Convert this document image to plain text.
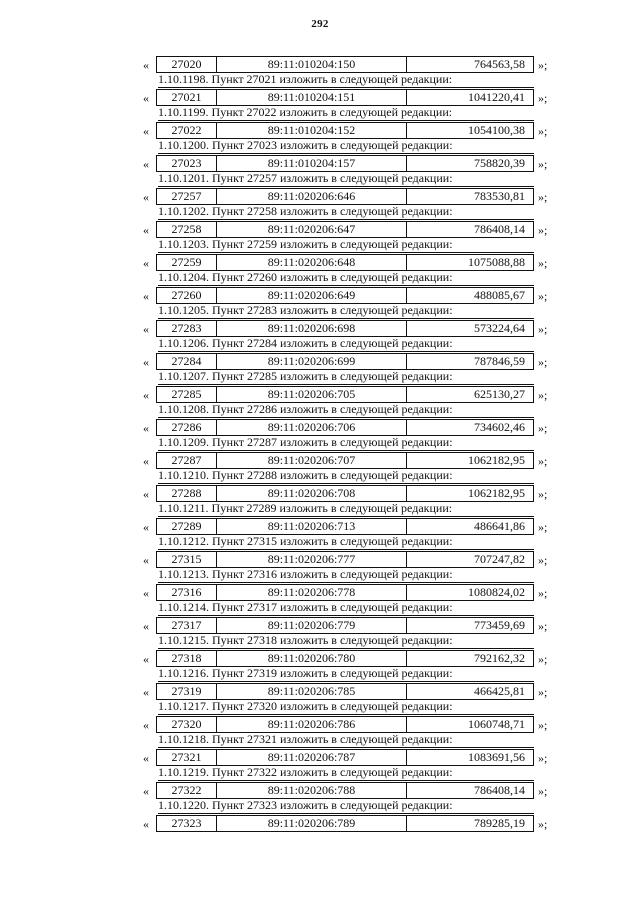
292
«	27020	89:11:010204:150	764563,58	»;
1.10.1198. Пункт 27021 изложить в следующей редакции:
«	27021	89:11:010204:151	1041220,41	»;
1.10.1199. Пункт 27022 изложить в следующей редакции:
«	27022	89:11:010204:152	1054100,38	»;
1.10.1200. Пункт 27023 изложить в следующей редакции:
«	27023	89:11:010204:157	758820,39	»;
1.10.1201. Пункт 27257 изложить в следующей редакции:
«	27257	89:11:020206:646	783530,81	»;
1.10.1202. Пункт 27258 изложить в следующей редакции:
«	27258	89:11:020206:647	786408,14	»;
1.10.1203. Пункт 27259 изложить в следующей редакции:
«	27259	89:11:020206:648	1075088,88	»;
1.10.1204. Пункт 27260 изложить в следующей редакции:
«	27260	89:11:020206:649	488085,67	»;
1.10.1205. Пункт 27283 изложить в следующей редакции:
«	27283	89:11:020206:698	573224,64	»;
1.10.1206. Пункт 27284 изложить в следующей редакции:
«	27284	89:11:020206:699	787846,59	»;
1.10.1207. Пункт 27285 изложить в следующей редакции:
«	27285	89:11:020206:705	625130,27	»;
1.10.1208. Пункт 27286 изложить в следующей редакции:
«	27286	89:11:020206:706	734602,46	»;
1.10.1209. Пункт 27287 изложить в следующей редакции:
«	27287	89:11:020206:707	1062182,95	»;
1.10.1210. Пункт 27288 изложить в следующей редакции:
«	27288	89:11:020206:708	1062182,95	»;
1.10.1211. Пункт 27289 изложить в следующей редакции:
«	27289	89:11:020206:713	486641,86	»;
1.10.1212. Пункт 27315 изложить в следующей редакции:
«	27315	89:11:020206:777	707247,82	»;
1.10.1213. Пункт 27316 изложить в следующей редакции:
«	27316	89:11:020206:778	1080824,02	»;
1.10.1214. Пункт 27317 изложить в следующей редакции:
«	27317	89:11:020206:779	773459,69	»;
1.10.1215. Пункт 27318 изложить в следующей редакции:
«	27318	89:11:020206:780	792162,32	»;
1.10.1216. Пункт 27319 изложить в следующей редакции:
«	27319	89:11:020206:785	466425,81	»;
1.10.1217. Пункт 27320 изложить в следующей редакции:
«	27320	89:11:020206:786	1060748,71	»;
1.10.1218. Пункт 27321 изложить в следующей редакции:
«	27321	89:11:020206:787	1083691,56	»;
1.10.1219. Пункт 27322 изложить в следующей редакции:
«	27322	89:11:020206:788	786408,14	»;
1.10.1220. Пункт 27323 изложить в следующей редакции:
«	27323	89:11:020206:789	789285,19	»;
